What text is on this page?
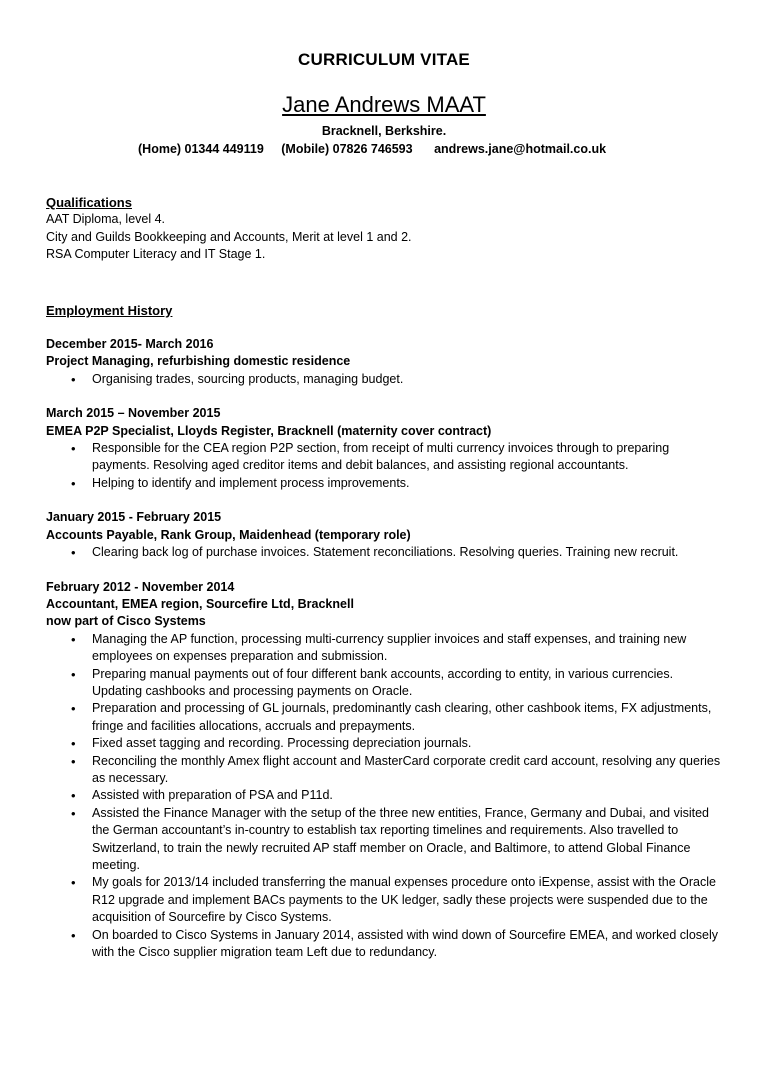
CURRICULUM VITAE
Jane Andrews MAAT
Bracknell, Berkshire.
(Home) 01344 449119 (Mobile) 07826 746593 andrews.jane@hotmail.co.uk
Qualifications
AAT Diploma, level 4.
City and Guilds Bookkeeping and Accounts, Merit at level 1 and 2.
RSA Computer Literacy and IT Stage 1.
Employment History
December 2015- March 2016
Project Managing, refurbishing domestic residence
• Organising trades, sourcing products, managing budget.
March 2015 – November 2015
EMEA P2P Specialist, Lloyds Register, Bracknell (maternity cover contract)
• Responsible for the CEA region P2P section, from receipt of multi currency invoices through to preparing payments. Resolving aged creditor items and debit balances, and assisting regional accountants.
• Helping to identify and implement process improvements.
January 2015 - February 2015
Accounts Payable, Rank Group, Maidenhead (temporary role)
• Clearing back log of purchase invoices. Statement reconciliations. Resolving queries. Training new recruit.
February 2012 - November 2014
Accountant, EMEA region, Sourcefire Ltd, Bracknell
now part of Cisco Systems
• Managing the AP function, processing multi-currency supplier invoices and staff expenses, and training new employees on expenses preparation and submission.
• Preparing manual payments out of four different bank accounts, according to entity, in various currencies. Updating cashbooks and processing payments on Oracle.
• Preparation and processing of GL journals, predominantly cash clearing, other cashbook items, FX adjustments, fringe and facilities allocations, accruals and prepayments.
• Fixed asset tagging and recording. Processing depreciation journals.
• Reconciling the monthly Amex flight account and MasterCard corporate credit card account, resolving any queries as necessary.
• Assisted with preparation of PSA and P11d.
• Assisted the Finance Manager with the setup of the three new entities, France, Germany and Dubai, and visited the German accountant’s in-country to establish tax reporting timelines and requirements. Also travelled to Switzerland, to train the newly recruited AP staff member on Oracle, and Baltimore, to attend Global Finance meeting.
• My goals for 2013/14 included transferring the manual expenses procedure onto iExpense, assist with the Oracle R12 upgrade and implement BACs payments to the UK ledger, sadly these projects were suspended due to the acquisition of Sourcefire by Cisco Systems.
• On boarded to Cisco Systems in January 2014, assisted with wind down of Sourcefire EMEA, and worked closely with the Cisco supplier migration team Left due to redundancy.
